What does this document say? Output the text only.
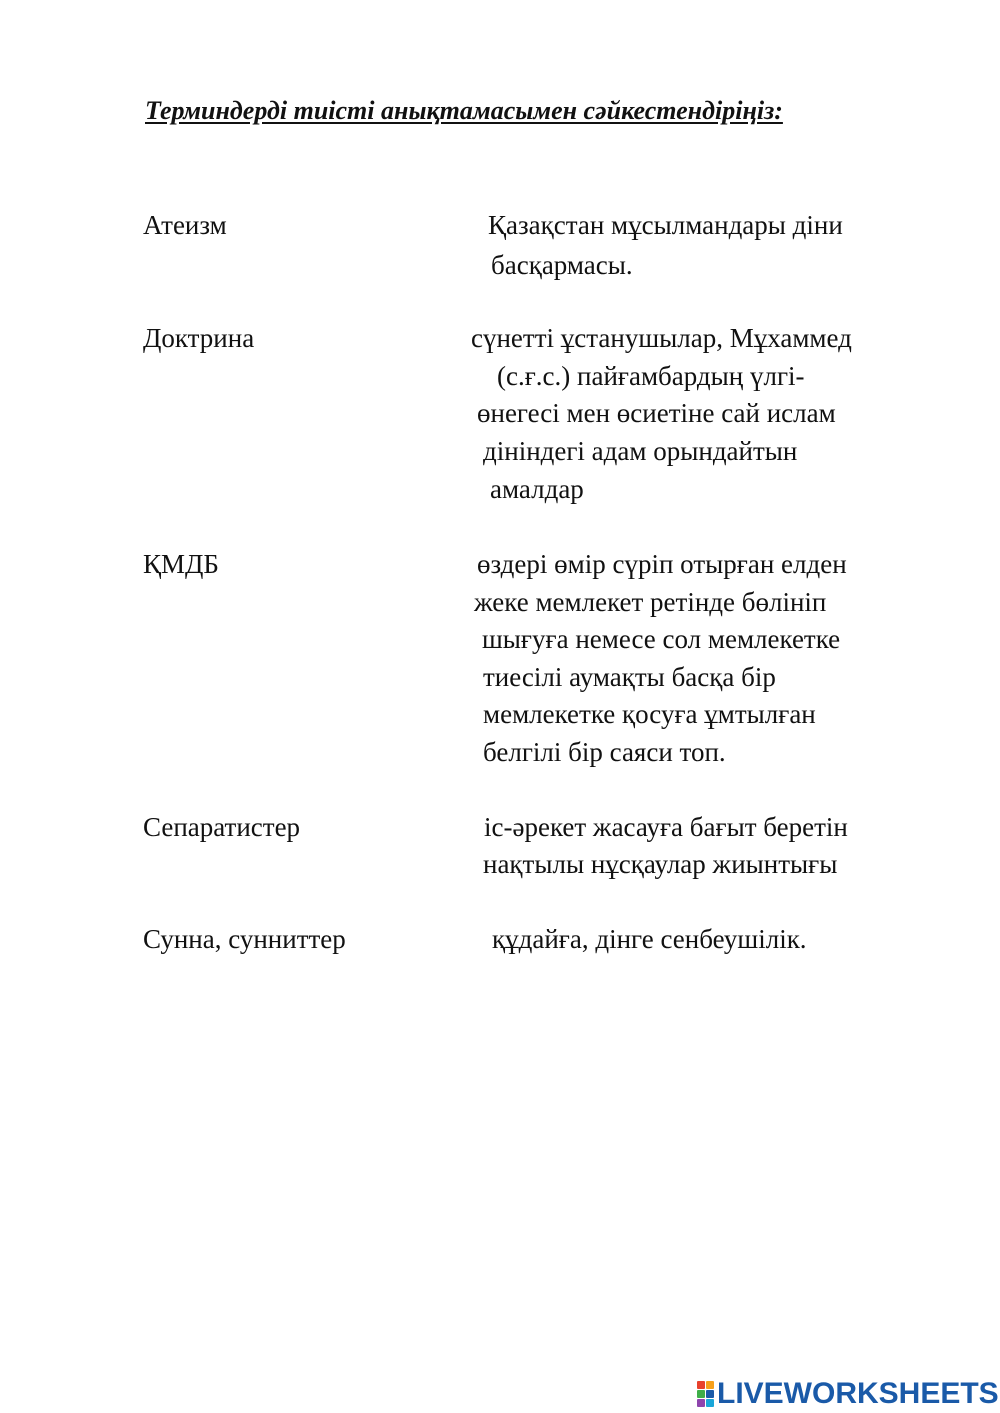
Терминдерді тиісті анықтамасымен сәйкестендіріңіз:
Атеизм
Доктрина
ҚМДБ
Сепаратистер
Сунна, сунниттер
Қазақстан мұсылмандары діни
басқармасы.
сүнетті ұстанушылар, Мұхаммед
(с.ғ.с.) пайғамбардың үлгі-
өнегесі мен өсиетіне сай ислам
дініндегі адам орындайтын
амалдар
өздері өмір сүріп отырған елден
жеке мемлекет ретінде бөлініп
шығуға немесе сол мемлекетке
тиесілі аумақты басқа бір
мемлекетке қосуға ұмтылған
белгілі бір саяси топ.
іс-әрекет жасауға бағыт беретін
нақтылы нұсқаулар жиынтығы
құдайға, дінге сенбеушілік.
LIVEWORKSHEETS
